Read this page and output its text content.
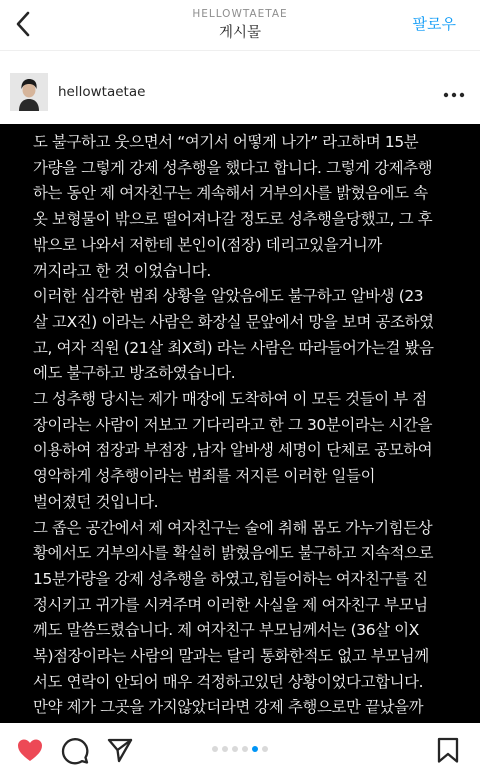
HELLOWTAETAE
게시물	팔로우
hellowtaetae
도 불구하고 웃으면서 “여기서 어떻게 나가” 라고하며 15분
가량을 그렇게 강제 성추행을 했다고 합니다. 그렇게 강제추행
하는 동안 제 여자친구는 계속해서 거부의사를 밝혔음에도 속
옷 보형물이 밖으로 떨어져나갈 정도로 성추행을당했고, 그 후
밖으로 나와서 저한테 본인이(점장) 데리고있을거니까
꺼지라고 한 것 이었습니다.
이러한 심각한 범죄 상황을 알았음에도 불구하고 알바생 (23
살 고X진) 이라는 사람은 화장실 문앞에서 망을 보며 공조하였
고, 여자 직원 (21살 최X희) 라는 사람은 따라들어가는걸 봤음
에도 불구하고 방조하였습니다.
그 성추행 당시는 제가 매장에 도착하여 이 모든 것들이 부 점
장이라는 사람이 저보고 기다리라고 한 그 30분이라는 시간을
이용하여 점장과 부점장 ,남자 알바생 세명이 단체로 공모하여
영악하게 성추행이라는 범죄를 저지른 이러한 일들이
벌어졌던 것입니다.
그 좁은 공간에서 제 여자친구는 술에 취해 몸도 가누기힘든상
황에서도 거부의사를 확실히 밝혔음에도 불구하고 지속적으로
15분가량을 강제 성추행을 하였고,힘들어하는 여자친구를 진
정시키고 귀가를 시켜주며 이러한 사실을 제 여자친구 부모님
께도 말씀드렸습니다. 제 여자친구 부모님께서는 (36살 이X
복)점장이라는 사람의 말과는 달리 통화한적도 없고 부모님께
서도 연락이 안되어 매우 걱정하고있던 상황이었다고합니다.
만약 제가 그곳을 가지않았더라면 강제 추행으로만 끝났을까
